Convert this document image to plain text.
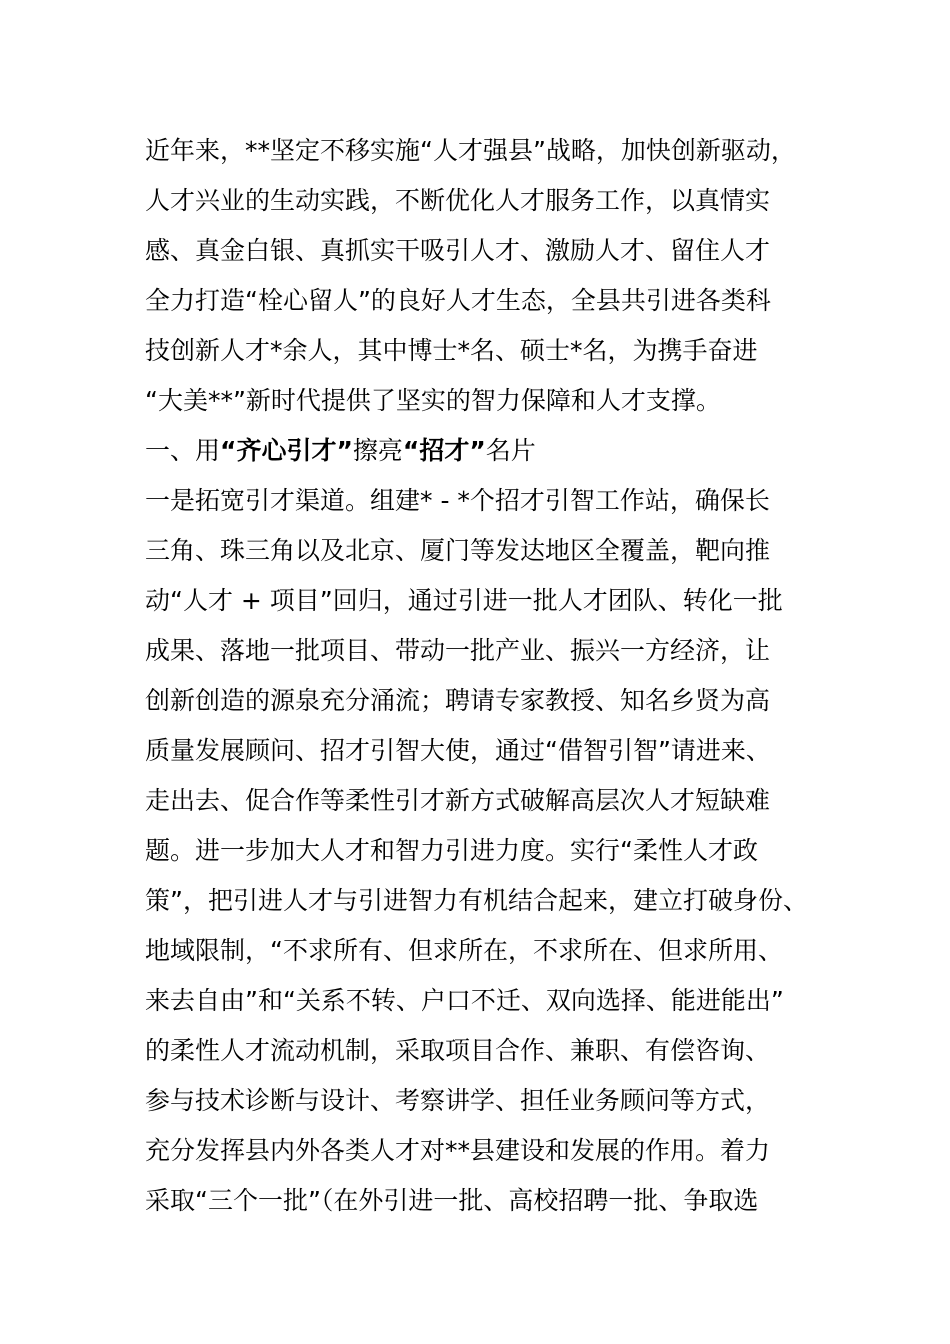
近年来，**坚定不移实施“人才强县”战略，加快创新驱动，
人才兴业的生动实践，不断优化人才服务工作，以真情实
感、真金白银、真抓实干吸引人才、激励人才、留住人才
全力打造“栓心留人”的良好人才生态，全县共引进各类科
技创新人才*余人，其中博士*名、硕士*名，为携手奋进
“大美**”新时代提供了坚实的智力保障和人才支撑。
一、用“齐心引才”擦亮“招才”名片
一是拓宽引才渠道。组建* - *个招才引智工作站，确保长
三角、珠三角以及北京、厦门等发达地区全覆盖，靶向推
动“人才 + 项目”回归，通过引进一批人才团队、转化一批
成果、落地一批项目、带动一批产业、振兴一方经济，让
创新创造的源泉充分涌流；聘请专家教授、知名乡贤为高
质量发展顾问、招才引智大使，通过“借智引智”请进来、
走出去、促合作等柔性引才新方式破解高层次人才短缺难
题。进一步加大人才和智力引进力度。实行“柔性人才政
策”，把引进人才与引进智力有机结合起来，建立打破身份、
地域限制，“不求所有、但求所在，不求所在、但求所用、
来去自由”和“关系不转、户口不迁、双向选择、能进能出”
的柔性人才流动机制，采取项目合作、兼职、有偿咨询、
参与技术诊断与设计、考察讲学、担任业务顾问等方式，
充分发挥县内外各类人才对**县建设和发展的作用。着力
采取“三个一批”（在外引进一批、高校招聘一批、争取选
